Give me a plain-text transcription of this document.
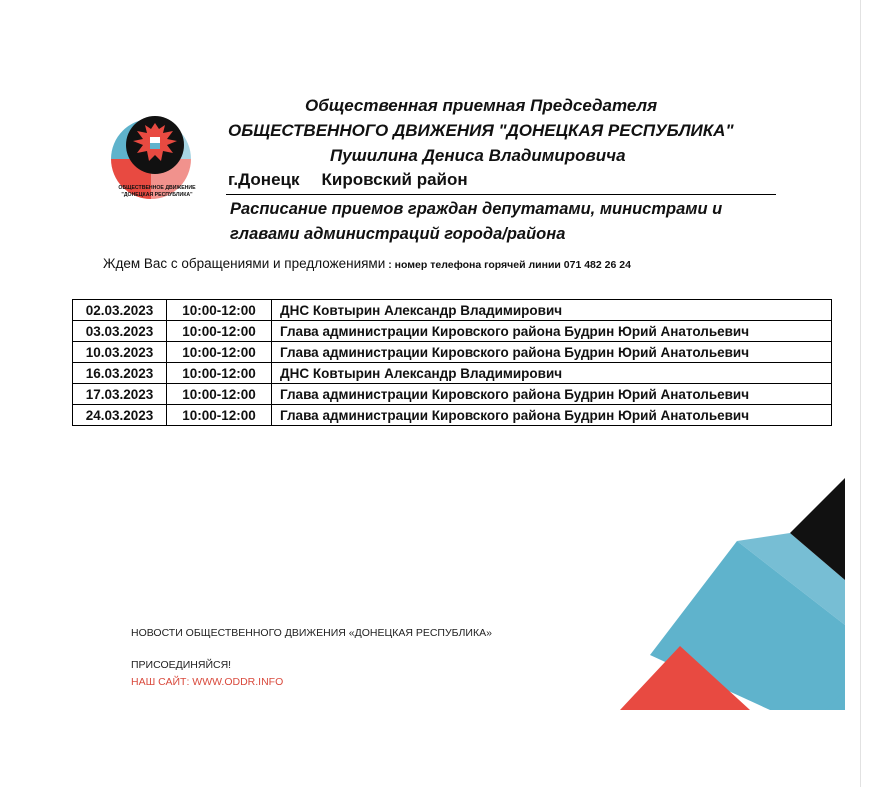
ОБЩЕСТВЕННОЕ ДВИЖЕНИЕ
"ДОНЕЦКАЯ РЕСПУБЛИКА"
Общественная приемная Председателя
ОБЩЕСТВЕННОГО ДВИЖЕНИЯ "ДОНЕЦКАЯ РЕСПУБЛИКА"
Пушилина Дениса Владимировича
г.Донецк Кировский район
Расписание приемов граждан депутатами, министрами и
главами администраций города/района
Ждем Вас с обращениями и предложениями : номер телефона горячей линии 071 482 26 24
02.03.2023	10:00-12:00	ДНС Ковтырин Александр Владимирович
03.03.2023	10:00-12:00	Глава администрации Кировского района Будрин Юрий Анатольевич
10.03.2023	10:00-12:00	Глава администрации Кировского района Будрин Юрий Анатольевич
16.03.2023	10:00-12:00	ДНС Ковтырин Александр Владимирович
17.03.2023	10:00-12:00	Глава администрации Кировского района Будрин Юрий Анатольевич
24.03.2023	10:00-12:00	Глава администрации Кировского района Будрин Юрий Анатольевич
НОВОСТИ ОБЩЕСТВЕННОГО ДВИЖЕНИЯ «ДОНЕЦКАЯ РЕСПУБЛИКА»
ПРИСОЕДИНЯЙСЯ!
НАШ САЙТ: WWW.ODDR.INFO
